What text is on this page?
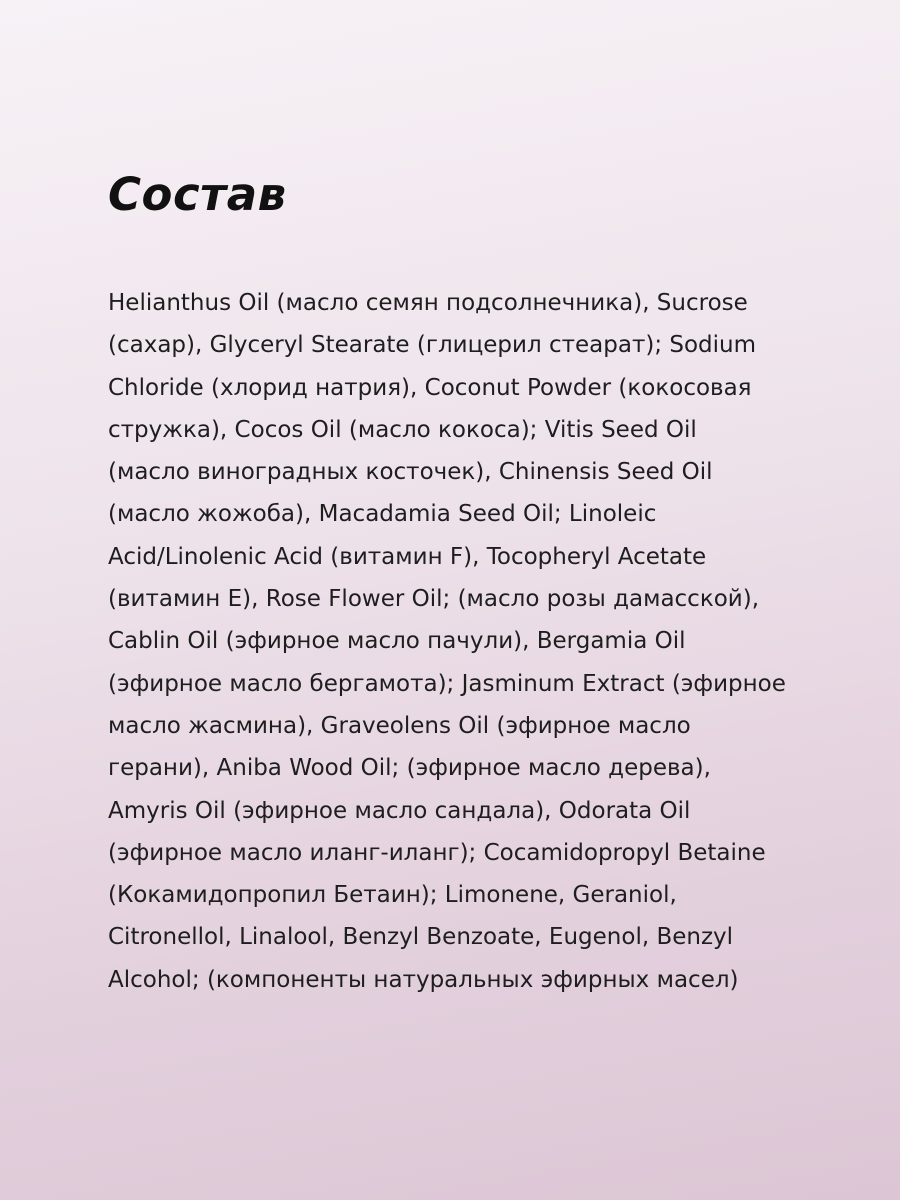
Состав

Helianthus Oil (масло семян подсолнечника), Sucrose
(сахар), Glyceryl Stearate (глицерил стеарат); Sodium
Chloride (хлорид натрия), Coconut Powder (кокосовая
стружка), Cocos Oil (масло кокоса); Vitis Seed Oil
(масло виноградных косточек), Chinensis Seed Oil
(масло жожоба), Macadamia Seed Oil; Linoleic
Acid/Linolenic Acid (витамин F), Tocopheryl Acetate
(витамин E), Rose Flower Oil; (масло розы дамасской),
Cablin Oil (эфирное масло пачули), Bergamia Oil
(эфирное масло бергамота); Jasminum Extract (эфирное
масло жасмина), Graveolens Oil (эфирное масло
герани), Aniba Wood Oil; (эфирное масло дерева),
Amyris Oil (эфирное масло сандала), Odorata Oil
(эфирное масло иланг-иланг); Cocamidopropyl Betaine
(Кокамидопропил Бетаин); Limonene, Geraniol,
Citronellol, Linalool, Benzyl Benzoate, Eugenol, Benzyl
Alcohol; (компоненты натуральных эфирных масел)
